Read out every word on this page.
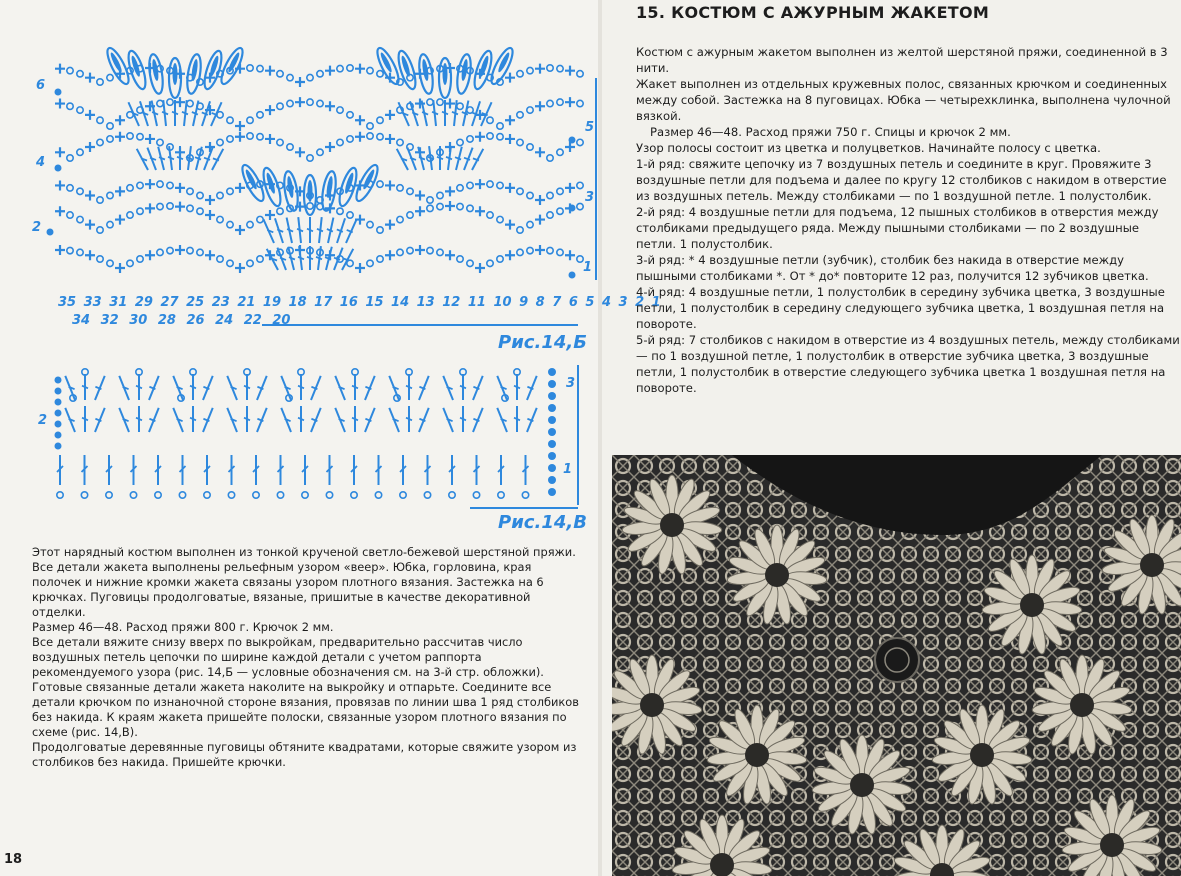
6
4
2
5
3
1
35 33 31 29 27 25 23 21 19 18 17 16 15 14 13 12 11 10 9 8 7 6 5 4 3 2 1
34 32 30 28 26 24 22 20
Рис.14,Б
2
3
1
Рис.14,В

Этот нарядный костюм выполнен из тонкой крученой светло-бежевой шерстяной пряжи. Все детали жакета выполнены рельефным узором «веер». Юбка, горловина, края полочек и нижние кромки жакета связаны узором плотного вязания. Застежка на 6 крючках. Пуговицы продолговатые, вязаные, пришитые в качестве декоративной отделки.

Размер 46—48. Расход пряжи 800 г. Крючок 2 мм.

Все детали вяжите снизу вверх по выкройкам, предварительно рассчитав число воздушных петель цепочки по ширине каждой детали с учетом раппорта рекомендуемого узора (рис. 14,Б — условные обозначения см. на 3-й стр. обложки).

Готовые связанные детали жакета наколите на выкройку и отпарьте. Соедините все детали крючком по изнаночной стороне вязания, провязав по линии шва 1 ряд столбиков без накида. К краям жакета пришейте полоски, связанные узором плотного вязания по схеме (рис. 14,В).

Продолговатые деревянные пуговицы обтяните квадратами, которые свяжите узором из столбиков без накида. Пришейте крючки.

18
15. КОСТЮМ С АЖУРНЫМ ЖАКЕТОМ

Костюм с ажурным жакетом выполнен из желтой шерстяной пряжи, соединенной в 3 нити.

Жакет выполнен из отдельных кружевных полос, связанных крючком и соединенных между собой. Застежка на 8 пуговицах. Юбка — четырехклинка, выполнена чулочной вязкой.

Размер 46—48. Расход пряжи 750 г. Спицы и крючок 2 мм.

Узор полосы состоит из цветка и полуцветков. Начинайте полосу с цветка.

1-й ряд: свяжите цепочку из 7 воздушных петель и соедините в круг. Провяжите 3 воздушные петли для подъема и далее по кругу 12 столбиков с накидом в отверстие из воздушных петель. Между столбиками — по 1 воздушной петле. 1 полустолбик.

2-й ряд: 4 воздушные петли для подъема, 12 пышных столбиков в отверстия между столбиками предыдущего ряда. Между пышными столбиками — по 2 воздушные петли. 1 полустолбик.

3-й ряд: * 4 воздушные петли (зубчик), столбик без накида в отверстие между пышными столбиками *. От * до* повторите 12 раз, получится 12 зубчиков цветка.

4-й ряд: 4 воздушные петли, 1 полустолбик в середину зубчика цветка, 3 воздушные петли, 1 полустолбик в середину следующего зубчика цветка, 1 воздушная петля на повороте.

5-й ряд: 7 столбиков с накидом в отверстие из 4 воздушных петель, между столбиками — по 1 воздушной петле, 1 полустолбик в отверстие зубчика цветка, 3 воздушные петли, 1 полустолбик в отверстие следующего зубчика цветка 1 воздушная петля на повороте.
